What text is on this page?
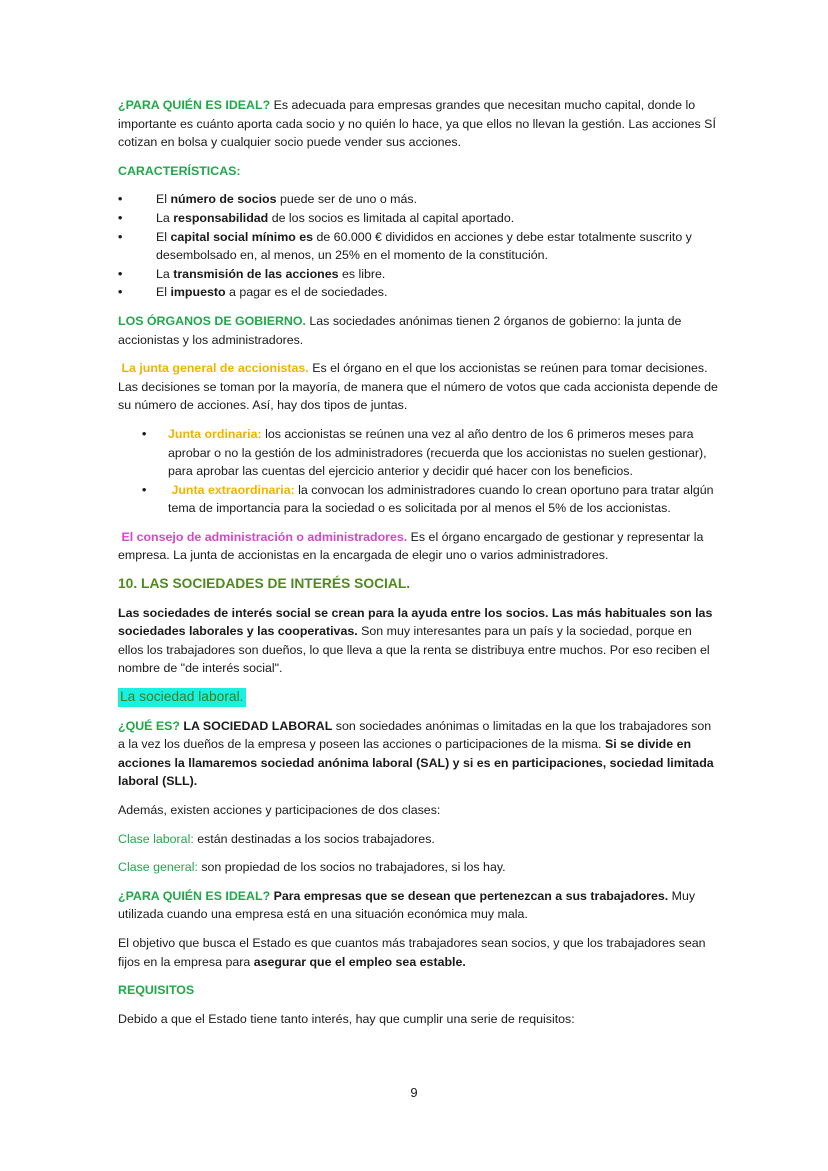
¿PARA QUIÉN ES IDEAL? Es adecuada para empresas grandes que necesitan mucho capital, donde lo importante es cuánto aporta cada socio y no quién lo hace, ya que ellos no llevan la gestión. Las acciones SÍ cotizan en bolsa y cualquier socio puede vender sus acciones.

CARACTERÍSTICAS:

• El número de socios puede ser de uno o más.
• La responsabilidad de los socios es limitada al capital aportado.
• El capital social mínimo es de 60.000 € divididos en acciones y debe estar totalmente suscrito y desembolsado en, al menos, un 25% en el momento de la constitución.
• La transmisión de las acciones es libre.
• El impuesto a pagar es el de sociedades.

LOS ÓRGANOS DE GOBIERNO. Las sociedades anónimas tienen 2 órganos de gobierno: la junta de accionistas y los administradores.

La junta general de accionistas. Es el órgano en el que los accionistas se reúnen para tomar decisiones. Las decisiones se toman por la mayoría, de manera que el número de votos que cada accionista depende de su número de acciones. Así, hay dos tipos de juntas.

• Junta ordinaria: los accionistas se reúnen una vez al año dentro de los 6 primeros meses para aprobar o no la gestión de los administradores (recuerda que los accionistas no suelen gestionar), para aprobar las cuentas del ejercicio anterior y decidir qué hacer con los beneficios.
•  Junta extraordinaria: la convocan los administradores cuando lo crean oportuno para tratar algún tema de importancia para la sociedad o es solicitada por al menos el 5% de los accionistas.

El consejo de administración o administradores. Es el órgano encargado de gestionar y representar la empresa. La junta de accionistas en la encargada de elegir uno o varios administradores.

10. LAS SOCIEDADES DE INTERÉS SOCIAL.

Las sociedades de interés social se crean para la ayuda entre los socios. Las más habituales son las sociedades laborales y las cooperativas. Son muy interesantes para un país y la sociedad, porque en ellos los trabajadores son dueños, lo que lleva a que la renta se distribuya entre muchos. Por eso reciben el nombre de "de interés social".

La sociedad laboral.

¿QUÉ ES? LA SOCIEDAD LABORAL son sociedades anónimas o limitadas en la que los trabajadores son a la vez los dueños de la empresa y poseen las acciones o participaciones de la misma. Si se divide en acciones la llamaremos sociedad anónima laboral (SAL) y si es en participaciones, sociedad limitada laboral (SLL).

Además, existen acciones y participaciones de dos clases:

Clase laboral: están destinadas a los socios trabajadores.

Clase general: son propiedad de los socios no trabajadores, si los hay.

¿PARA QUIÉN ES IDEAL? Para empresas que se desean que pertenezcan a sus trabajadores. Muy utilizada cuando una empresa está en una situación económica muy mala.

El objetivo que busca el Estado es que cuantos más trabajadores sean socios, y que los trabajadores sean fijos en la empresa para asegurar que el empleo sea estable.

REQUISITOS

Debido a que el Estado tiene tanto interés, hay que cumplir una serie de requisitos:

9
